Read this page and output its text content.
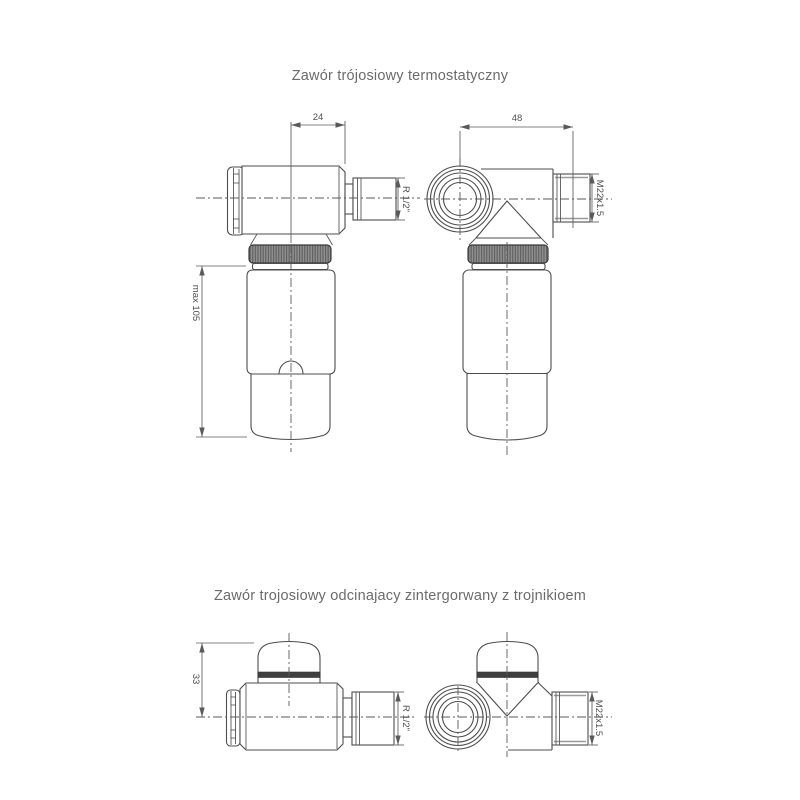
Zawór trójosiowy termostatyczny
Zawór trojosiowy odcinajacy zintergorwany z trojnikioem
24
R 1/2"
max 105
48
M22x1.5
33
R 1/2"	M22x1.5
